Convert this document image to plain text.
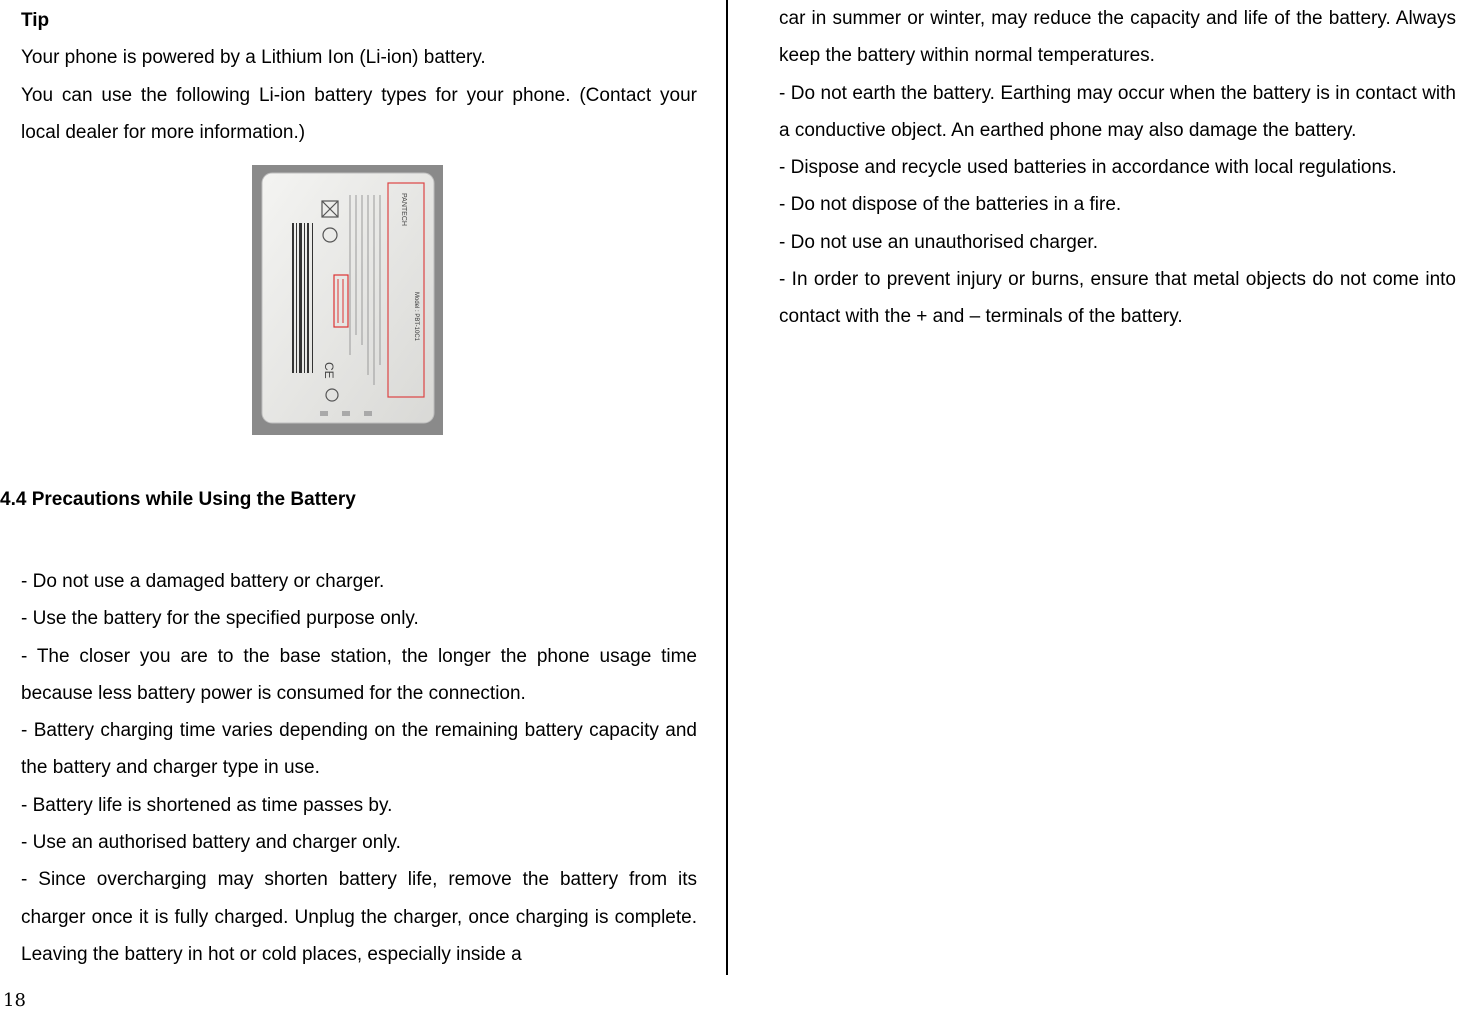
Tip

Your phone is powered by a Lithium Ion (Li-ion) battery.

You can use the following Li-ion battery types for your phone. (Contact your local dealer for more information.)

PANTECH
Model : PBT-10C1
CE
4.4 Precautions while Using the Battery

- Do not use a damaged battery or charger.

- Use the battery for the specified purpose only.

- The closer you are to the base station, the longer the phone usage time because less battery power is consumed for the connection.

- Battery charging time varies depending on the remaining battery capacity and the battery and charger type in use.

- Battery life is shortened as time passes by.

- Use an authorised battery and charger only.

- Since overcharging may shorten battery life, remove the battery from its charger once it is fully charged. Unplug the charger, once charging is complete. Leaving the battery in hot or cold places, especially inside a

car in summer or winter, may reduce the capacity and life of the battery. Always keep the battery within normal temperatures.

- Do not earth the battery. Earthing may occur when the battery is in contact with a conductive object. An earthed phone may also damage the battery.

- Dispose and recycle used batteries in accordance with local regulations.

- Do not dispose of the batteries in a fire.

- Do not use an unauthorised charger.

- In order to prevent injury or burns, ensure that metal objects do not come into contact with the + and – terminals of the battery.

18
